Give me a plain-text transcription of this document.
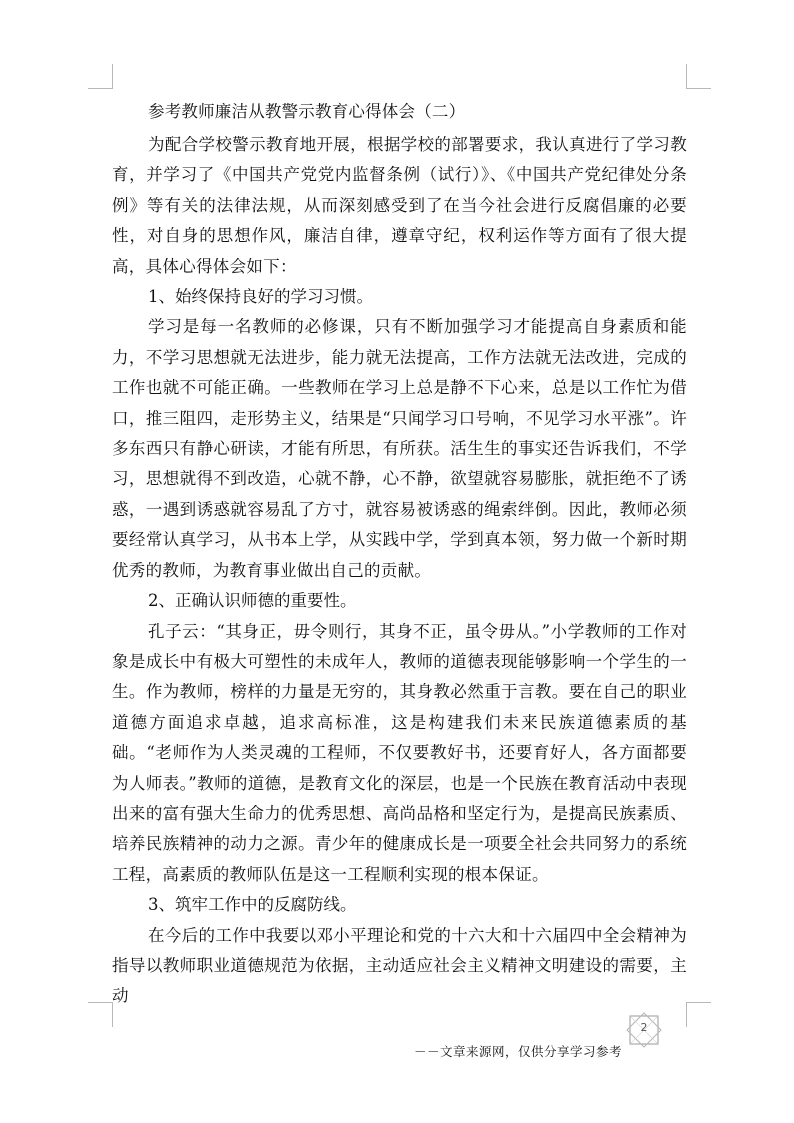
参考教师廉洁从教警示教育心得体会（二）

为配合学校警示教育地开展，根据学校的部署要求，我认真进行了学习教育，并学习了《中国共产党党内监督条例（试行）》、《中国共产党纪律处分条例》等有关的法律法规，从而深刻感受到了在当今社会进行反腐倡廉的必要性，对自身的思想作风，廉洁自律，遵章守纪，权利运作等方面有了很大提高，具体心得体会如下：

1、始终保持良好的学习习惯。

学习是每一名教师的必修课，只有不断加强学习才能提高自身素质和能力，不学习思想就无法进步，能力就无法提高，工作方法就无法改进，完成的工作也就不可能正确。一些教师在学习上总是静不下心来，总是以工作忙为借口，推三阻四，走形势主义，结果是“只闻学习口号响，不见学习水平涨”。许多东西只有静心研读，才能有所思，有所获。活生生的事实还告诉我们，不学习，思想就得不到改造，心就不静，心不静，欲望就容易膨胀，就拒绝不了诱惑，一遇到诱惑就容易乱了方寸，就容易被诱惑的绳索绊倒。因此，教师必须要经常认真学习，从书本上学，从实践中学，学到真本领，努力做一个新时期优秀的教师，为教育事业做出自己的贡献。

2、正确认识师德的重要性。

孔子云：“其身正，毋令则行，其身不正，虽令毋从。”小学教师的工作对象是成长中有极大可塑性的未成年人，教师的道德表现能够影响一个学生的一生。作为教师，榜样的力量是无穷的，其身教必然重于言教。要在自己的职业道德方面追求卓越，追求高标准，这是构建我们未来民族道德素质的基础。“老师作为人类灵魂的工程师，不仅要教好书，还要育好人，各方面都要为人师表。”教师的道德，是教育文化的深层，也是一个民族在教育活动中表现出来的富有强大生命力的优秀思想、高尚品格和坚定行为，是提高民族素质、培养民族精神的动力之源。青少年的健康成长是一项要全社会共同努力的系统工程，高素质的教师队伍是这一工程顺利实现的根本保证。

3、筑牢工作中的反腐防线。

在今后的工作中我要以邓小平理论和党的十六大和十六届四中全会精神为指导以教师职业道德规范为依据，主动适应社会主义精神文明建设的需要，主动

2
－－文章来源网，仅供分享学习参考
